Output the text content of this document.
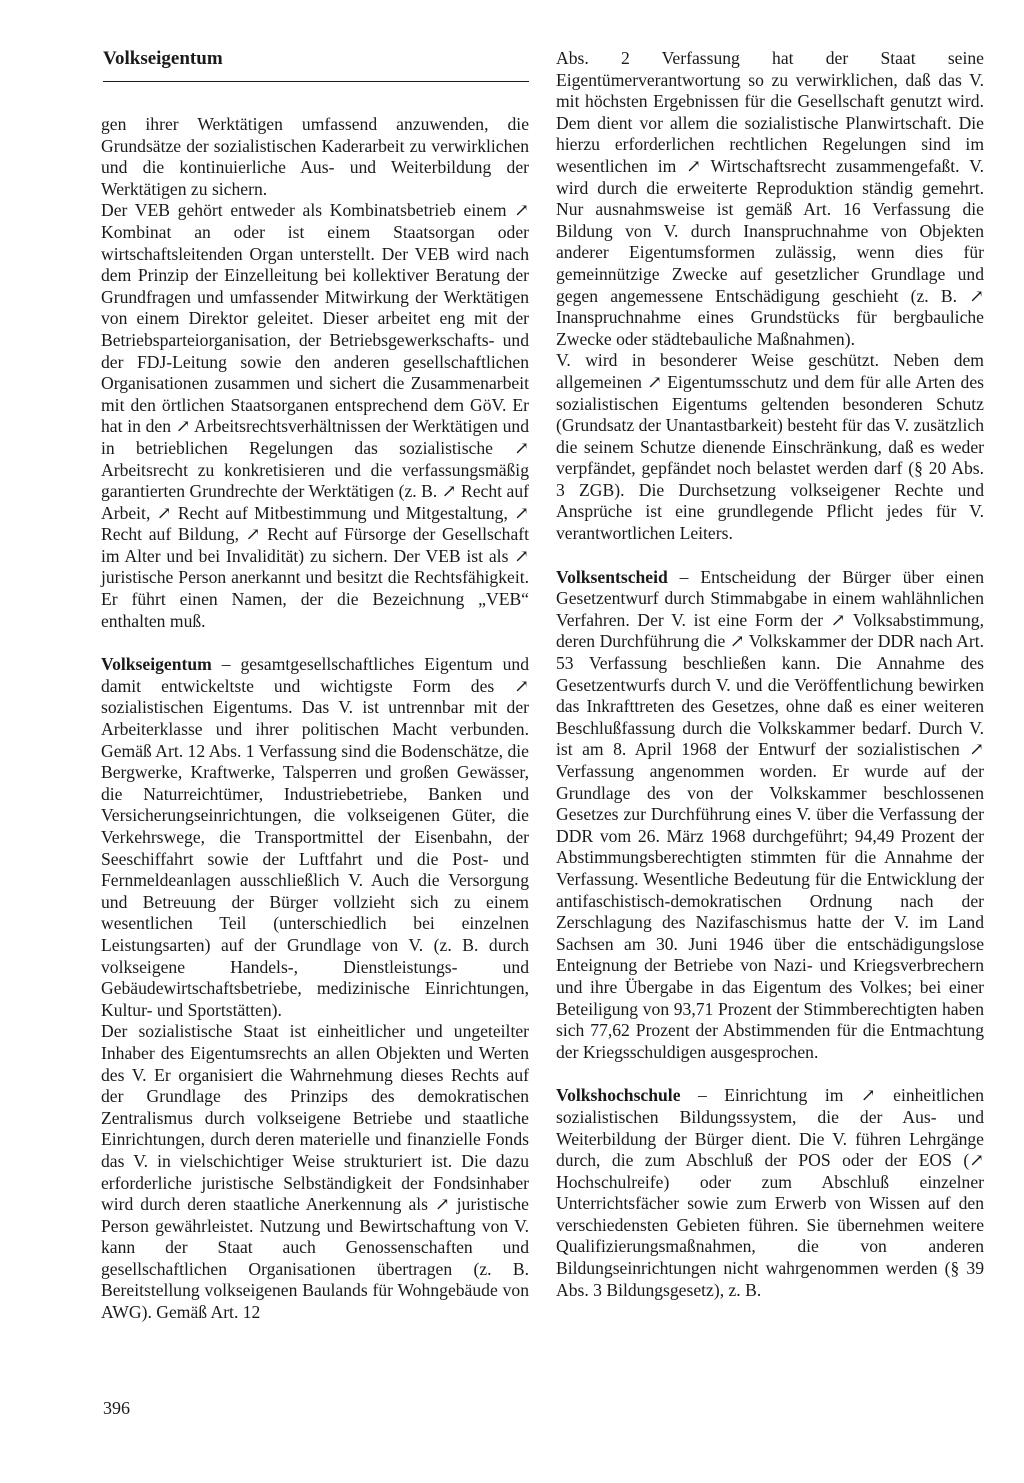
Volkseigentum

gen ihrer Werktätigen umfassend anzuwenden, die Grundsätze der sozialistischen Kaderarbeit zu verwirklichen und die kontinuierliche Aus- und Weiterbildung der Werktätigen zu sichern.

Der VEB gehört entweder als Kombinatsbetrieb einem ↗ Kombinat an oder ist einem Staatsorgan oder wirtschaftsleitenden Organ unterstellt. Der VEB wird nach dem Prinzip der Einzelleitung bei kollektiver Beratung der Grundfragen und umfassender Mitwirkung der Werktätigen von einem Direktor geleitet. Dieser arbeitet eng mit der Betriebsparteiorganisation, der Betriebsgewerkschafts- und der FDJ-Leitung sowie den anderen gesellschaftlichen Organisationen zusammen und sichert die Zusammenarbeit mit den örtlichen Staatsorganen entsprechend dem GöV. Er hat in den ↗ Arbeitsrechtsverhältnissen der Werktätigen und in betrieblichen Regelungen das sozialistische ↗ Arbeitsrecht zu konkretisieren und die verfassungsmäßig garantierten Grundrechte der Werktätigen (z. B. ↗ Recht auf Arbeit, ↗ Recht auf Mitbestimmung und Mitgestaltung, ↗ Recht auf Bildung, ↗ Recht auf Fürsorge der Gesellschaft im Alter und bei Invalidität) zu sichern. Der VEB ist als ↗ juristische Person anerkannt und besitzt die Rechtsfähigkeit. Er führt einen Namen, der die Bezeichnung „VEB“ enthalten muß.

Volkseigentum – gesamtgesellschaftliches Eigentum und damit entwickeltste und wichtigste Form des ↗ sozialistischen Eigentums. Das V. ist untrennbar mit der Arbeiterklasse und ihrer politischen Macht verbunden. Gemäß Art. 12 Abs. 1 Verfassung sind die Bodenschätze, die Bergwerke, Kraftwerke, Talsperren und großen Gewässer, die Naturreichtümer, Industriebetriebe, Banken und Versicherungseinrichtungen, die volkseigenen Güter, die Verkehrswege, die Transportmittel der Eisenbahn, der Seeschiffahrt sowie der Luftfahrt und die Post- und Fernmeldeanlagen ausschließlich V. Auch die Versorgung und Betreuung der Bürger vollzieht sich zu einem wesentlichen Teil (unterschiedlich bei einzelnen Leistungsarten) auf der Grundlage von V. (z. B. durch volkseigene Handels-, Dienstleistungs- und Gebäudewirtschaftsbetriebe, medizinische Einrichtungen, Kultur- und Sportstätten).

Der sozialistische Staat ist einheitlicher und ungeteilter Inhaber des Eigentumsrechts an allen Objekten und Werten des V. Er organisiert die Wahrnehmung dieses Rechts auf der Grundlage des Prinzips des demokratischen Zentralismus durch volkseigene Betriebe und staatliche Einrichtungen, durch deren materielle und finanzielle Fonds das V. in vielschichtiger Weise strukturiert ist. Die dazu erforderliche juristische Selbständigkeit der Fondsinhaber wird durch deren staatliche Anerkennung als ↗ juristische Person gewährleistet. Nutzung und Bewirtschaftung von V. kann der Staat auch Genossenschaften und gesellschaftlichen Organisationen übertragen (z. B. Bereitstellung volkseigenen Baulands für Wohngebäude von AWG). Gemäß Art. 12

Abs. 2 Verfassung hat der Staat seine Eigentümerverantwortung so zu verwirklichen, daß das V. mit höchsten Ergebnissen für die Gesellschaft genutzt wird. Dem dient vor allem die sozialistische Planwirtschaft. Die hierzu erforderlichen rechtlichen Regelungen sind im wesentlichen im ↗ Wirtschaftsrecht zusammengefaßt. V. wird durch die erweiterte Reproduktion ständig gemehrt. Nur ausnahmsweise ist gemäß Art. 16 Verfassung die Bildung von V. durch Inanspruchnahme von Objekten anderer Eigentumsformen zulässig, wenn dies für gemeinnützige Zwecke auf gesetzlicher Grundlage und gegen angemessene Entschädigung geschieht (z. B. ↗ Inanspruchnahme eines Grundstücks für bergbauliche Zwecke oder städtebauliche Maßnahmen).

V. wird in besonderer Weise geschützt. Neben dem allgemeinen ↗ Eigentumsschutz und dem für alle Arten des sozialistischen Eigentums geltenden besonderen Schutz (Grundsatz der Unantastbarkeit) besteht für das V. zusätzlich die seinem Schutze dienende Einschränkung, daß es weder verpfändet, gepfändet noch belastet werden darf (§ 20 Abs. 3 ZGB). Die Durchsetzung volkseigener Rechte und Ansprüche ist eine grundlegende Pflicht jedes für V. verantwortlichen Leiters.

Volksentscheid – Entscheidung der Bürger über einen Gesetzentwurf durch Stimmabgabe in einem wahlähnlichen Verfahren. Der V. ist eine Form der ↗ Volksabstimmung, deren Durchführung die ↗ Volkskammer der DDR nach Art. 53 Verfassung beschließen kann. Die Annahme des Gesetzentwurfs durch V. und die Veröffentlichung bewirken das Inkrafttreten des Gesetzes, ohne daß es einer weiteren Beschlußfassung durch die Volkskammer bedarf. Durch V. ist am 8. April 1968 der Entwurf der sozialistischen ↗ Verfassung angenommen worden. Er wurde auf der Grundlage des von der Volkskammer beschlossenen Gesetzes zur Durchführung eines V. über die Verfassung der DDR vom 26. März 1968 durchgeführt; 94,49 Prozent der Abstimmungsberechtigten stimmten für die Annahme der Verfassung. Wesentliche Bedeutung für die Entwicklung der antifaschistisch-demokratischen Ordnung nach der Zerschlagung des Nazifaschismus hatte der V. im Land Sachsen am 30. Juni 1946 über die entschädigungslose Enteignung der Betriebe von Nazi- und Kriegsverbrechern und ihre Übergabe in das Eigentum des Volkes; bei einer Beteiligung von 93,71 Prozent der Stimmberechtigten haben sich 77,62 Prozent der Abstimmenden für die Entmachtung der Kriegsschuldigen ausgesprochen.

Volkshochschule – Einrichtung im ↗ einheitlichen sozialistischen Bildungssystem, die der Aus- und Weiterbildung der Bürger dient. Die V. führen Lehrgänge durch, die zum Abschluß der POS oder der EOS (↗ Hochschulreife) oder zum Abschluß einzelner Unterrichtsfächer sowie zum Erwerb von Wissen auf den verschiedensten Gebieten führen. Sie übernehmen weitere Qualifizierungsmaßnahmen, die von anderen Bildungseinrichtungen nicht wahrgenommen werden (§ 39 Abs. 3 Bildungsgesetz), z. B.

396
